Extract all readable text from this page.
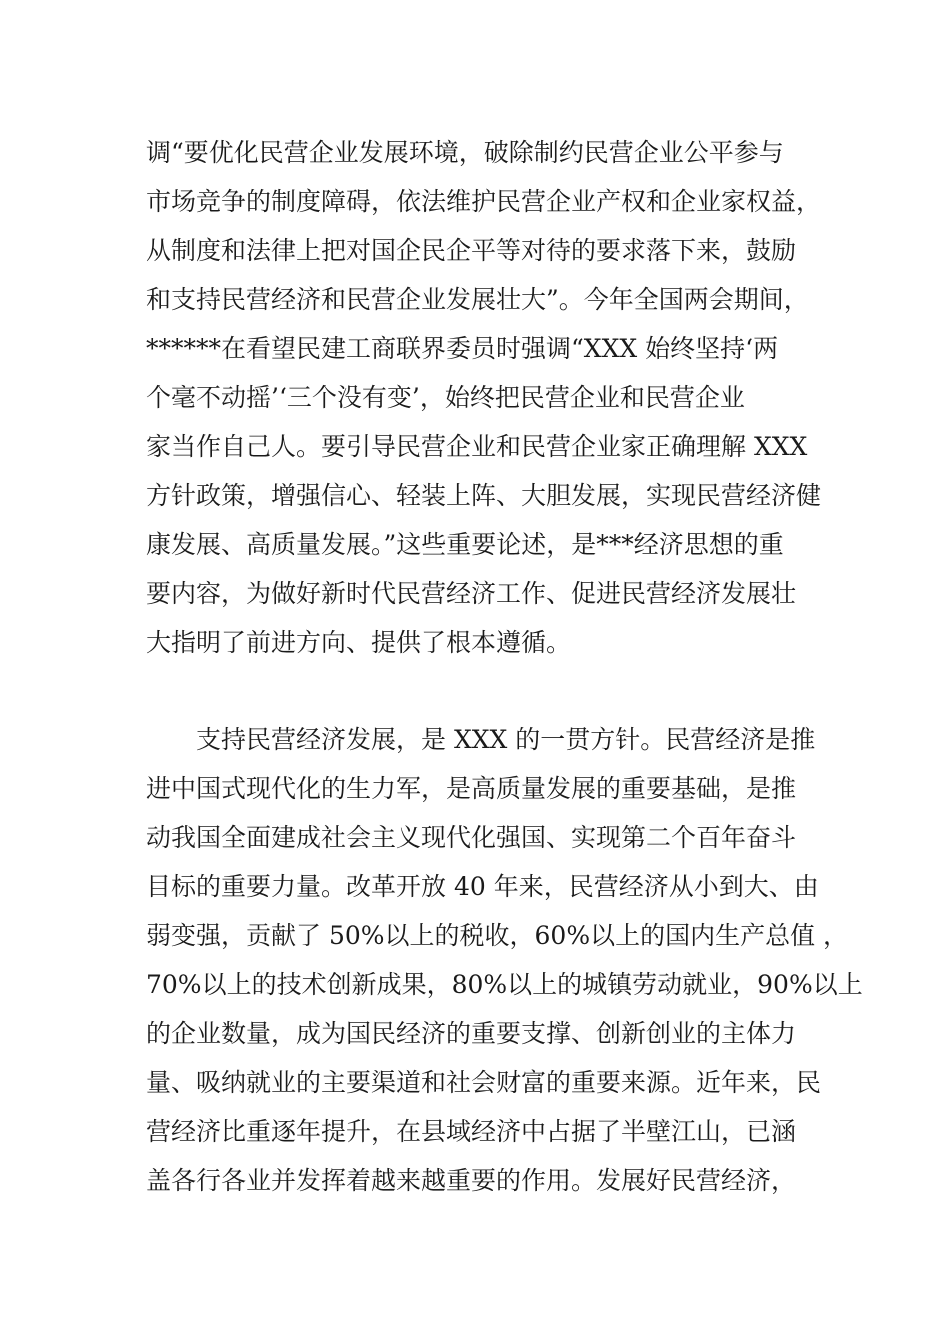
调“要优化民营企业发展环境，破除制约民营企业公平参与
市场竞争的制度障碍，依法维护民营企业产权和企业家权益，
从制度和法律上把对国企民企平等对待的要求落下来，鼓励
和支持民营经济和民营企业发展壮大”。今年全国两会期间，
******在看望民建工商联界委员时强调“XXX 始终坚持‘两
个毫不动摇’‘三个没有变’，始终把民营企业和民营企业
家当作自己人。要引导民营企业和民营企业家正确理解 XXX
方针政策，增强信心、轻装上阵、大胆发展，实现民营经济健
康发展、高质量发展。”这些重要论述，是***经济思想的重
要内容，为做好新时代民营经济工作、促进民营经济发展壮
大指明了前进方向、提供了根本遵循。
支持民营经济发展，是 XXX 的一贯方针。民营经济是推
进中国式现代化的生力军，是高质量发展的重要基础，是推
动我国全面建成社会主义现代化强国、实现第二个百年奋斗
目标的重要力量。改革开放 40 年来，民营经济从小到大、由
弱变强，贡献了 50%以上的税收，60%以上的国内生产总值 ，
70%以上的技术创新成果，80%以上的城镇劳动就业，90%以上
的企业数量，成为国民经济的重要支撑、创新创业的主体力
量、吸纳就业的主要渠道和社会财富的重要来源。近年来，民
营经济比重逐年提升，在县域经济中占据了半壁江山，已涵
盖各行各业并发挥着越来越重要的作用。发展好民营经济，
